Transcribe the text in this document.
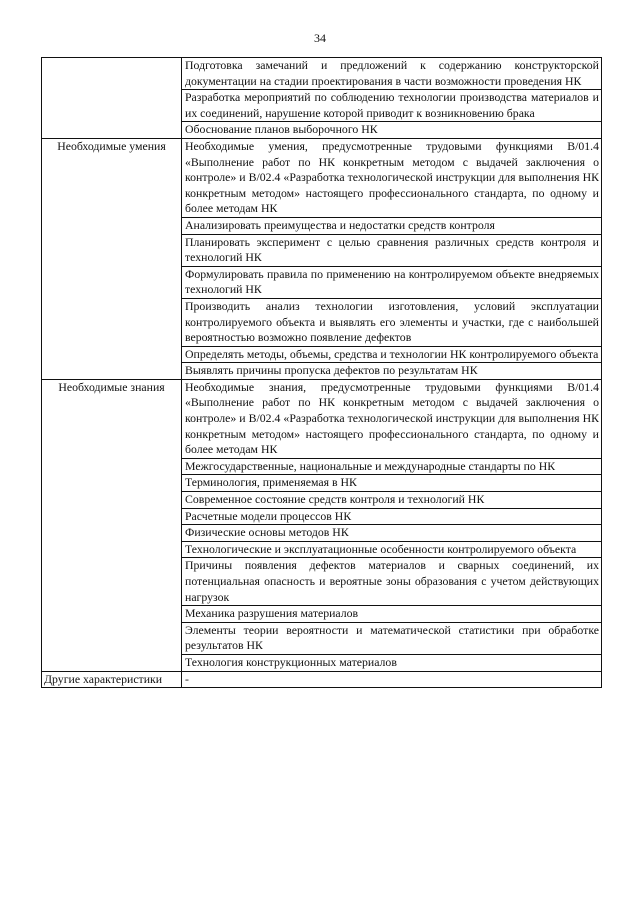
34
	Подготовка замечаний и предложений к содержанию конструкторской документации на стадии проектирования в части возможности проведения НК
	Разработка мероприятий по соблюдению технологии производства материалов и их соединений, нарушение которой приводит к возникновению брака
	Обоснование планов выборочного НК
Необходимые умения	Необходимые умения, предусмотренные трудовыми функциями В/01.4 «Выполнение работ по НК конкретным методом с выдачей заключения о контроле» и В/02.4 «Разработка технологической инструкции для выполнения НК конкретным методом» настоящего профессионального стандарта, по одному и более методам НК
	Анализировать преимущества и недостатки средств контроля
	Планировать эксперимент с целью сравнения различных средств контроля и технологий НК
	Формулировать правила по применению на контролируемом объекте внедряемых технологий НК
	Производить анализ технологии изготовления, условий эксплуатации контролируемого объекта и выявлять его элементы и участки, где с наибольшей вероятностью возможно появление дефектов
	Определять методы, объемы, средства и технологии НК контролируемого объекта
	Выявлять причины пропуска дефектов по результатам НК
Необходимые знания	Необходимые знания, предусмотренные трудовыми функциями В/01.4 «Выполнение работ по НК конкретным методом с выдачей заключения о контроле» и В/02.4 «Разработка технологической инструкции для выполнения НК конкретным методом» настоящего профессионального стандарта, по одному и более методам НК
	Межгосударственные, национальные и международные стандарты по НК
	Терминология, применяемая в НК
	Современное состояние средств контроля и технологий НК
	Расчетные модели процессов НК
	Физические основы методов НК
	Технологические и эксплуатационные особенности контролируемого объекта
	Причины появления дефектов материалов и сварных соединений, их потенциальная опасность и вероятные зоны образования с учетом действующих нагрузок
	Механика разрушения материалов
	Элементы теории вероятности и математической статистики при обработке результатов НК
	Технология конструкционных материалов
Другие характеристики	-
